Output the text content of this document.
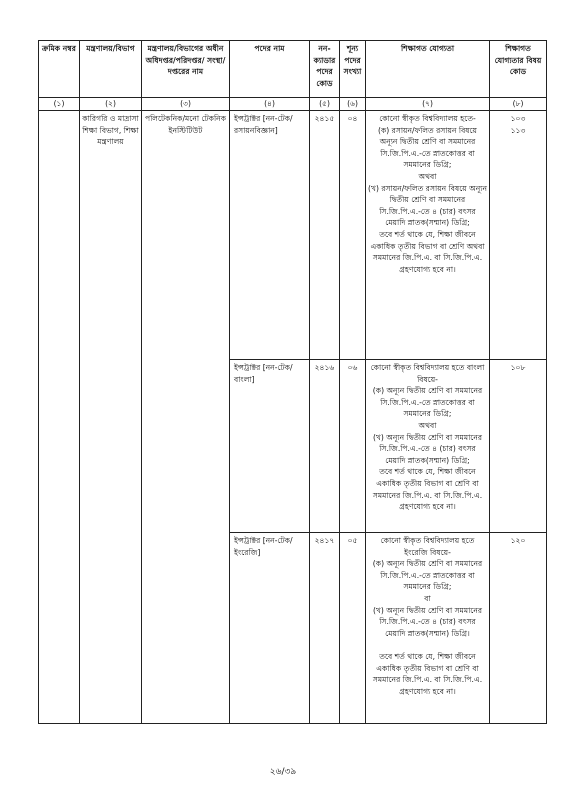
ক্রমিক নম্বর	মন্ত্রণালয়/বিভাগ	মন্ত্রণালয়/বিভাগের অধীন অধিদপ্তর/পরিদপ্তর/ সংস্থা/দপ্তরের নাম	পদের নাম	নন-ক্যাডার পদের কোড	শূন্য পদের সংখ্যা	শিক্ষাগত যোগ্যতা	শিক্ষাগত যোগ্যতার বিষয় কোড
(১)	(২)	(৩)	(৪)	(৫)	(৬)	(৭)	(৮)
	কারিগরি ও মাদ্রাসা শিক্ষা বিভাগ, শিক্ষা মন্ত্রণালয়	পলিটেকনিক/মনো টেকনিক ইনস্টিটিউট	ইন্সট্রাক্টর [নন-টেক/রসায়নবিজ্ঞান]	২৪১৫	০৪	কোনো স্বীকৃত বিশ্ববিদ্যালয় হতে-
(ক) রসায়ন/ফলিত রসায়ন বিষয়ে অন্যূন দ্বিতীয় শ্রেণি বা সমমানের সি.জি.পি.এ.-তে স্নাতকোত্তর বা সমমানের ডিগ্রি;
অথবা
(খ) রসায়ন/ফলিত রসায়ন বিষয়ে অন্যূন দ্বিতীয় শ্রেণি বা সমমানের সি.জি.পি.এ.-তে ৪ (চার) বৎসর মেয়াদি স্নাতক(সম্মান) ডিগ্রি;
তবে শর্ত থাকে যে, শিক্ষা জীবনে একাধিক তৃতীয় বিভাগ বা শ্রেণি অথবা সমমানের জি.পি.এ. বা সি.জি.পি.এ. গ্রহণযোগ্য হবে না।	১০৩
১১৩
			ইন্সট্রাক্টর [নন-টেক/বাংলা]	২৪১৬	০৬	কোনো স্বীকৃত বিশ্ববিদ্যালয় হতে বাংলা বিষয়ে-
(ক) অন্যূন দ্বিতীয় শ্রেণি বা সমমানের সি.জি.পি.এ.-তে স্নাতকোত্তর বা সমমানের ডিগ্রি;
অথবা
(খ) অন্যূন দ্বিতীয় শ্রেণি বা সমমানের সি.জি.পি.এ.-তে ৪ (চার) বৎসর মেয়াদি স্নাতক(সম্মান) ডিগ্রি;
তবে শর্ত থাকে যে, শিক্ষা জীবনে একাধিক তৃতীয় বিভাগ বা শ্রেণি বা সমমানের জি.পি.এ. বা সি.জি.পি.এ. গ্রহণযোগ্য হবে না।	১০৮
			ইন্সট্রাক্টর [নন-টেক/ ইংরেজি]	২৪১৭	০৫	কোনো স্বীকৃত বিশ্ববিদ্যালয় হতে ইংরেজি বিষয়ে-
(ক) অন্যূন দ্বিতীয় শ্রেণি বা সমমানের সি.জি.পি.এ.-তে স্নাতকোত্তর বা সমমানের ডিগ্রি;
বা
(খ) অন্যূন দ্বিতীয় শ্রেণি বা সমমানের সি.জি.পি.এ.-তে ৪ (চার) বৎসর মেয়াদি স্নাতক(সম্মান) ডিগ্রি।

তবে শর্ত থাকে যে, শিক্ষা জীবনে একাধিক তৃতীয় বিভাগ বা শ্রেণি বা সমমানের জি.পি.এ. বা সি.জি.পি.এ. গ্রহণযোগ্য হবে না।	১২০
২৬/৩৯
